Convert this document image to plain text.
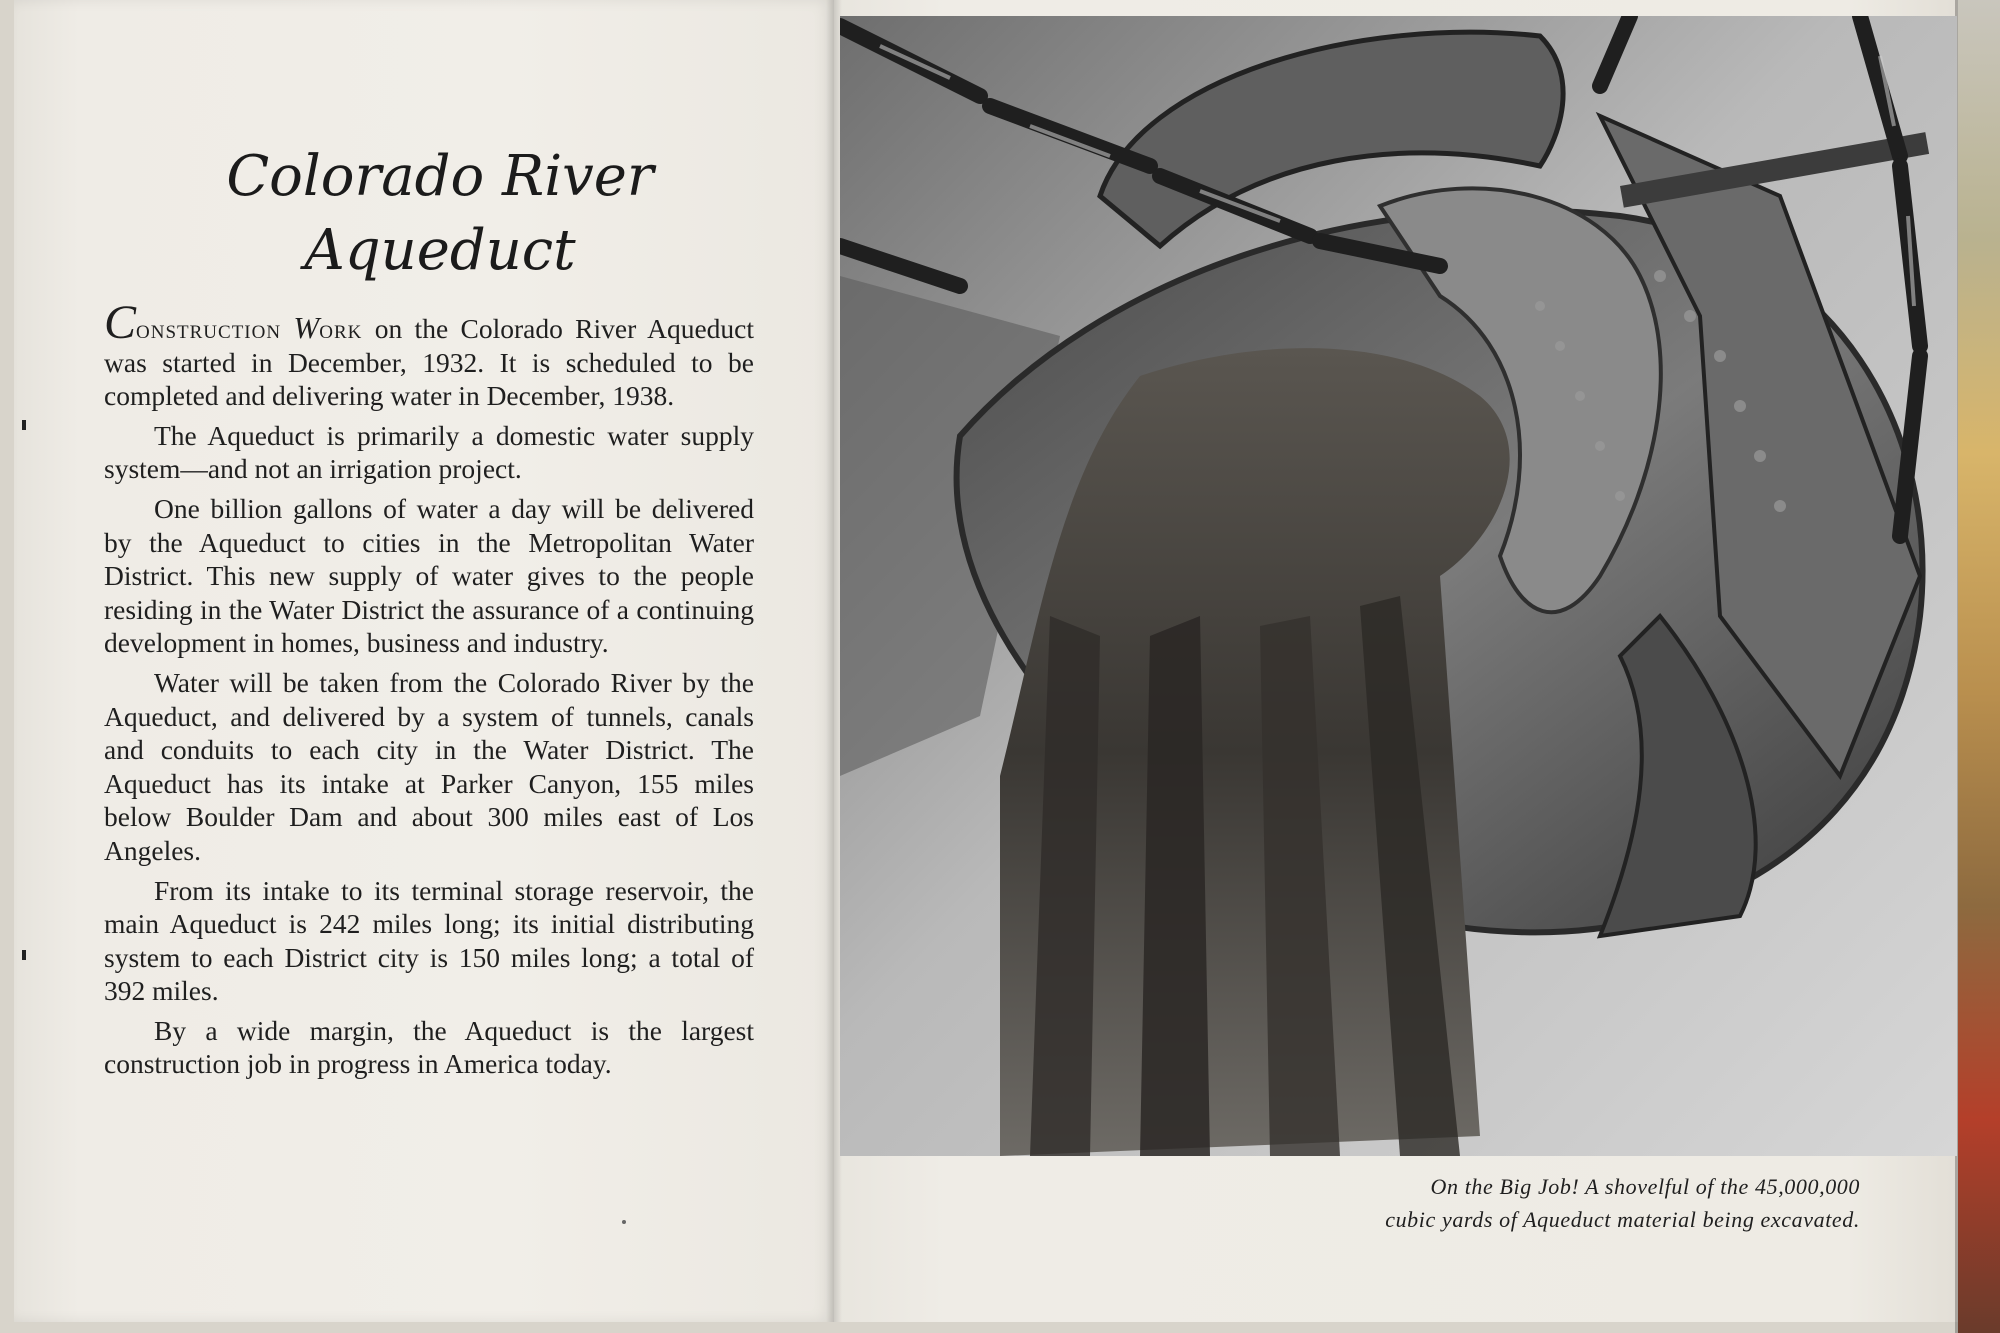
Colorado River
Aqueduct

Construction Work on the Colorado River Aqueduct was started in December, 1932. It is scheduled to be completed and delivering water in December, 1938.

The Aqueduct is primarily a domestic water supply system—and not an irrigation project.

One billion gallons of water a day will be delivered by the Aqueduct to cities in the Metropolitan Water District. This new supply of water gives to the people residing in the Water District the assurance of a continuing development in homes, business and industry.

Water will be taken from the Colorado River by the Aqueduct, and delivered by a system of tunnels, canals and conduits to each city in the Water District. The Aqueduct has its intake at Parker Canyon, 155 miles below Boulder Dam and about 300 miles east of Los Angeles.

From its intake to its terminal storage reservoir, the main Aqueduct is 242 miles long; its initial distributing system to each District city is 150 miles long; a total of 392 miles.

By a wide margin, the Aqueduct is the largest construction job in progress in America today.

On the Big Job! A shovelful of the 45,000,000
cubic yards of Aqueduct material being excavated.
